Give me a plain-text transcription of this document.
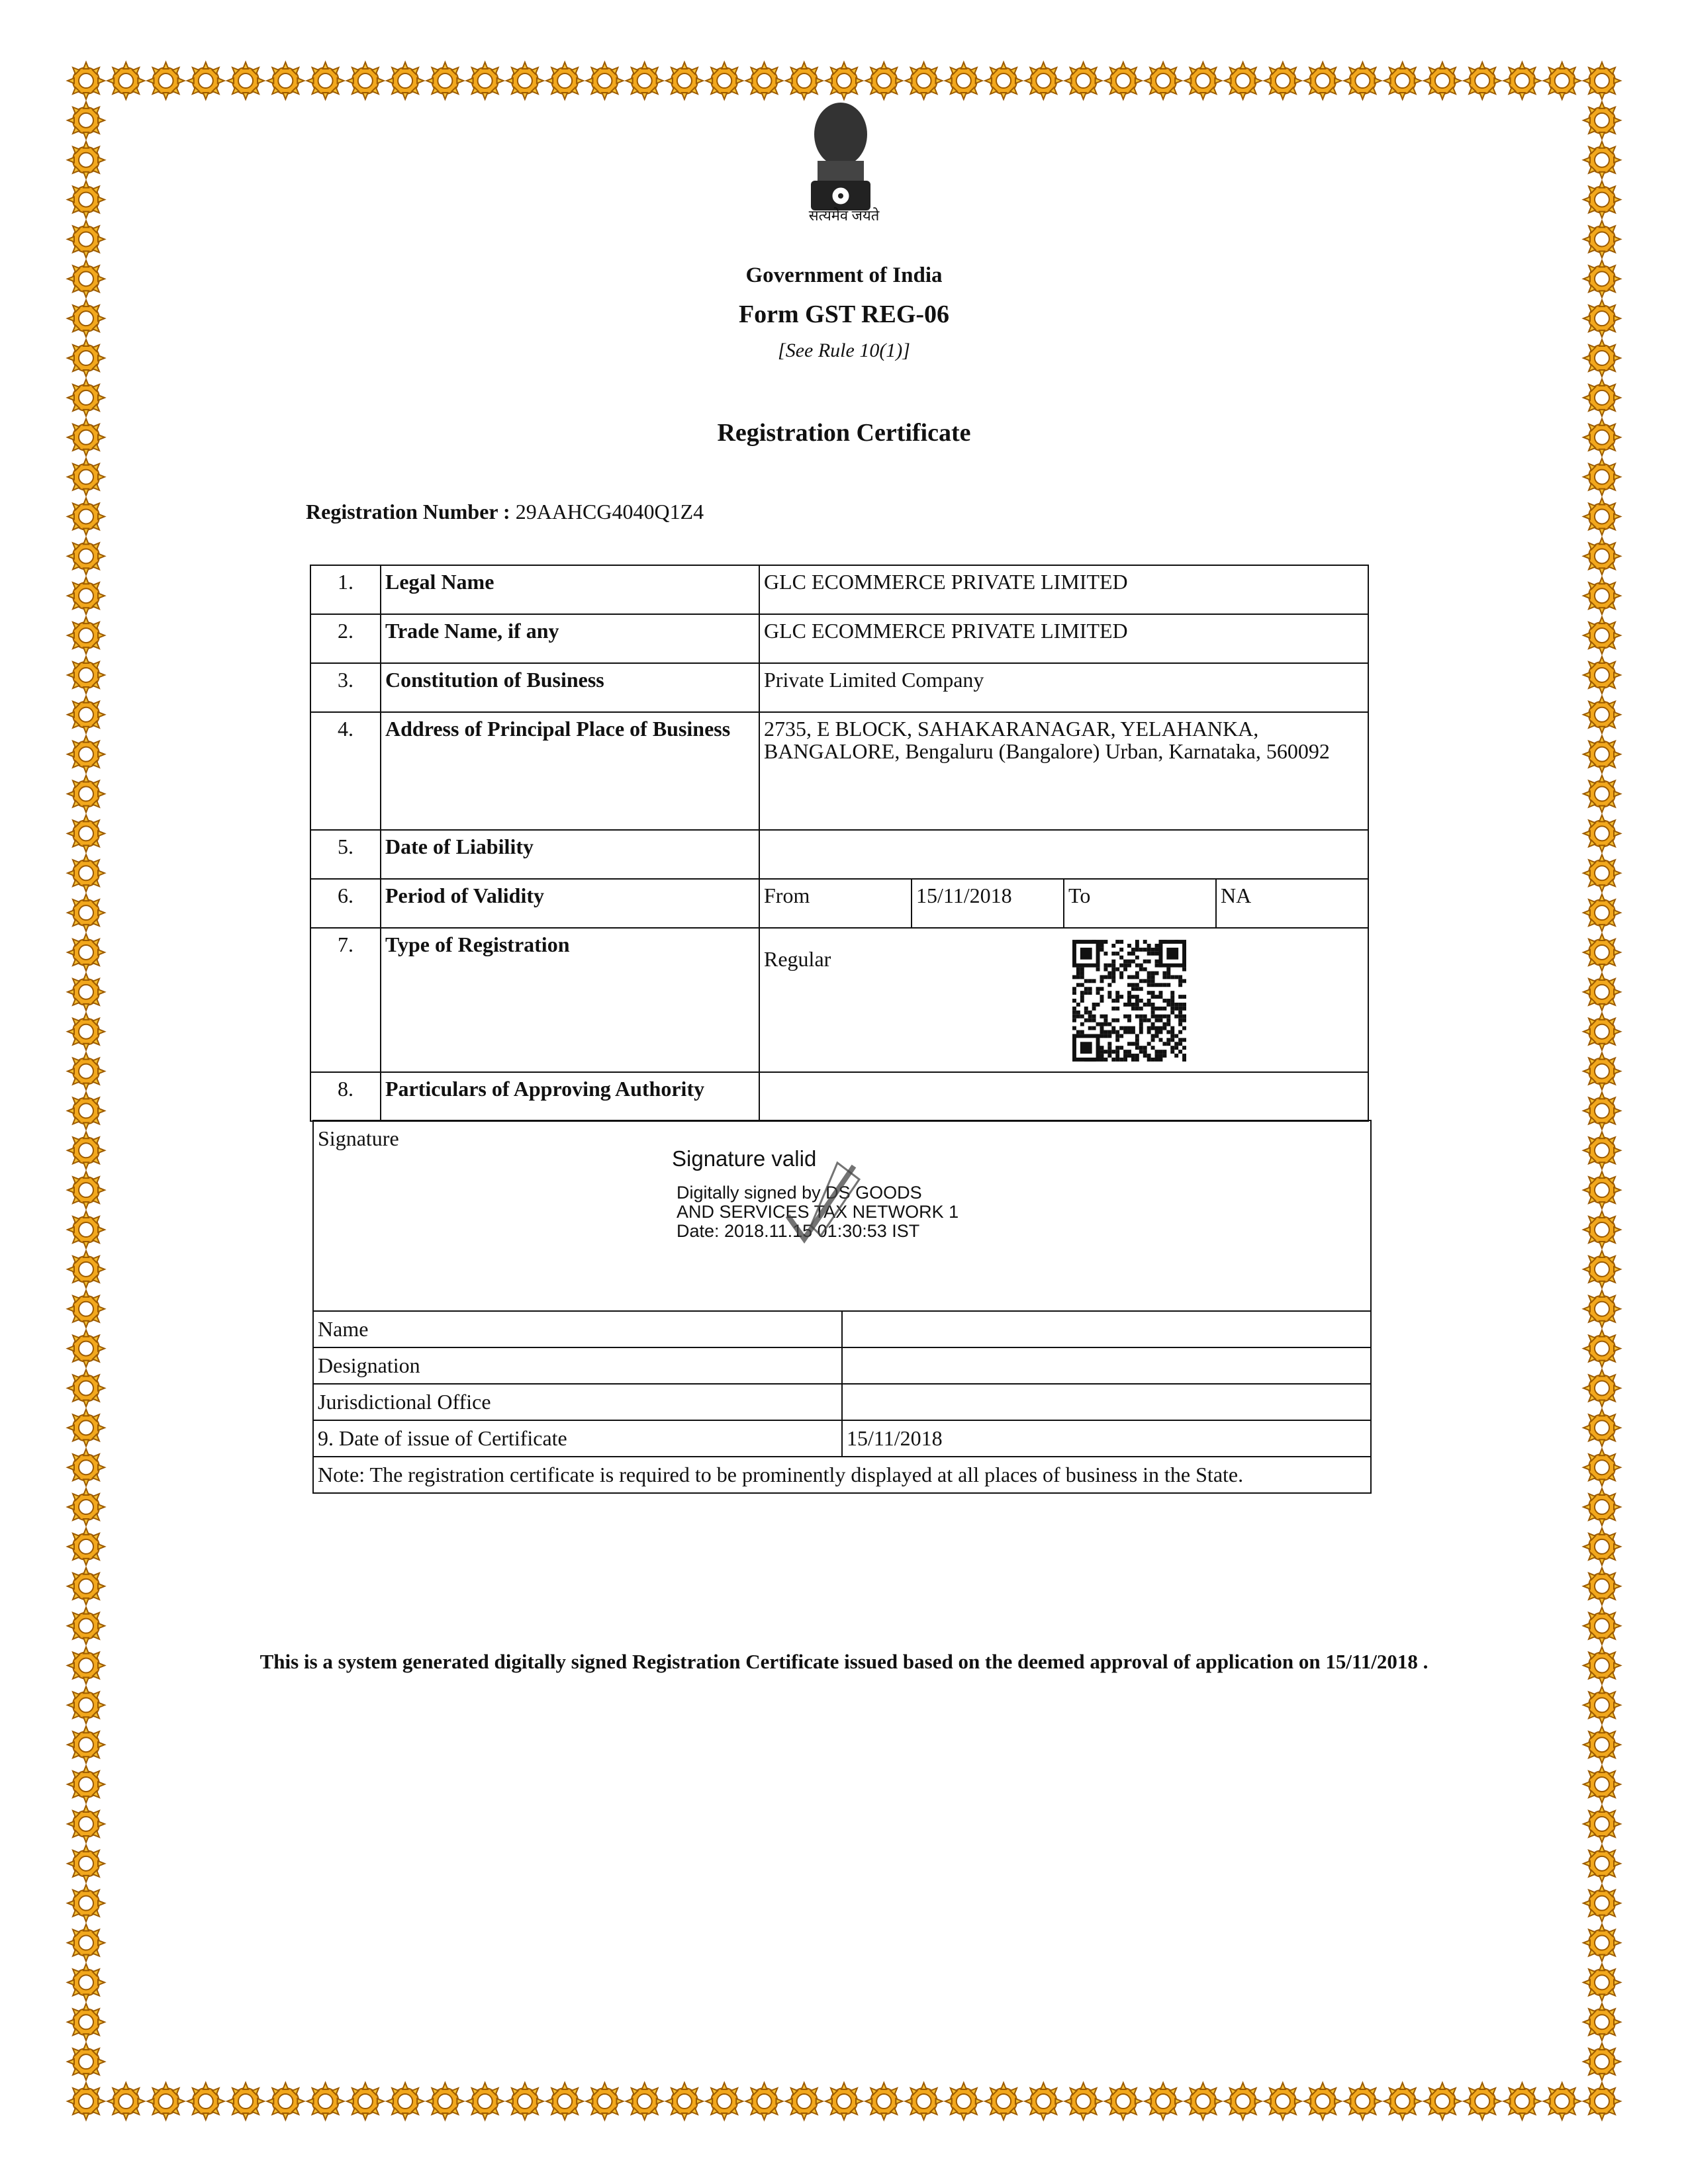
सत्यमेव जयते
Government of India
Form GST REG-06
[See Rule 10(1)]
Registration Certificate
Registration Number : 29AAHCG4040Q1Z4
1.	Legal Name	GLC ECOMMERCE PRIVATE LIMITED			
2.	Trade Name, if any	GLC ECOMMERCE PRIVATE LIMITED			
3.	Constitution of Business	Private Limited Company			
4.	Address of Principal Place of Business	2735, E BLOCK, SAHAKARANAGAR, YELAHANKA, BANGALORE, Bengaluru (Bangalore) Urban, Karnataka, 560092			
5.	Date of Liability				
6.	Period of Validity	From	15/11/2018	To	NA
7.	Type of Registration	Regular			

8.	Particulars of Approving Authority				
Signature
Signature valid
Digitally signed by DS GOODS
AND SERVICES TAX NETWORK 1
Date: 2018.11.15 01:30:53 IST	

Name	
Designation	
Jurisdictional Office	
9. Date of issue of Certificate	15/11/2018
Note: The registration certificate is required to be prominently displayed at all places of business in the State.	
This is a system generated digitally signed Registration Certificate issued based on the deemed approval of application on 15/11/2018 .
